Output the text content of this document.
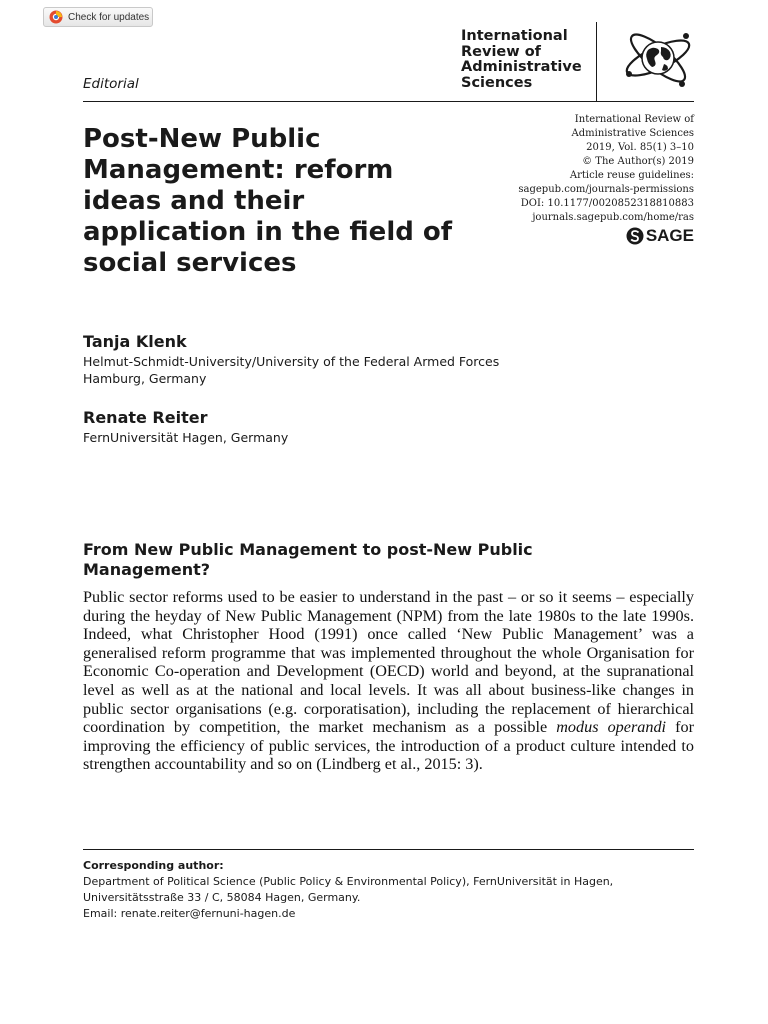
Check for updates
Editorial
International
Review of
Administrative
Sciences
International Review of
Administrative Sciences
2019, Vol. 85(1) 3–10
© The Author(s) 2019
Article reuse guidelines:
sagepub.com/journals-permissions
DOI: 10.1177/0020852318810883
journals.sagepub.com/home/ras
SAGE
Post-New Public Management: reform ideas and their application in the field of social services
Tanja Klenk
Helmut-Schmidt-University/University of the Federal Armed Forces Hamburg, Germany
Renate Reiter
FernUniversität Hagen, Germany
From New Public Management to post-New Public Management?

Public sector reforms used to be easier to understand in the past – or so it seems – especially during the heyday of New Public Management (NPM) from the late 1980s to the late 1990s. Indeed, what Christopher Hood (1991) once called ‘New Public Management’ was a generalised reform programme that was implemented throughout the whole Organisation for Economic Co-operation and Development (OECD) world and beyond, at the supranational level as well as at the national and local levels. It was all about business-like changes in public sector organisations (e.g. corporatisation), including the replacement of hierarchical coordination by competition, the market mechanism as a possible modus operandi for improving the efficiency of public services, the introduction of a product culture intended to strengthen accountability and so on (Lindberg et al., 2015: 3).

Corresponding author:
Department of Political Science (Public Policy & Environmental Policy), FernUniversität in Hagen,
Universitätsstraße 33 / C, 58084 Hagen, Germany.
Email: renate.reiter@fernuni-hagen.de
